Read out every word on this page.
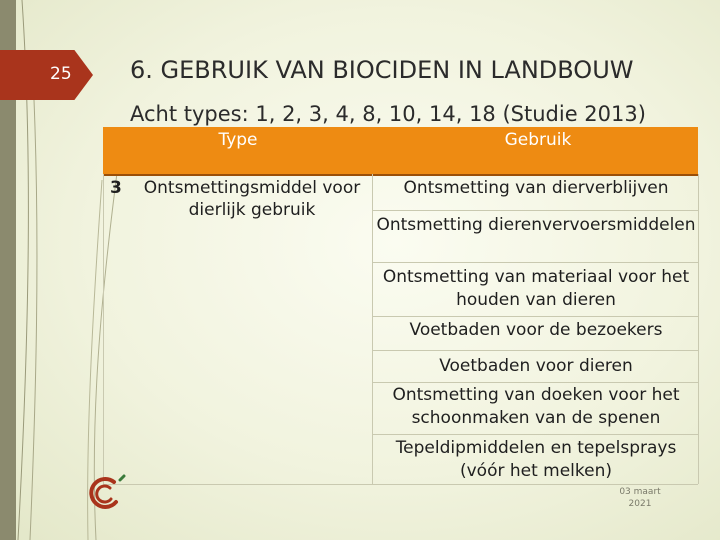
25 6. GEBRUIK VAN BIOCIDEN IN LANDBOUW
Acht types: 1, 2, 3, 4, 8, 10, 14, 18 (Studie 2013)
Type	Gebruik
3	Ontsmettingsmiddel voor dierlijk gebruik
Ontsmetting van dierverblijven
Ontsmetting dierenvervoersmiddelen
Ontsmetting van materiaal voor het houden van dieren
Voetbaden voor de bezoekers
Voetbaden voor dieren
Ontsmetting van doeken voor het schoonmaken van de spenen
Tepeldipmiddelen en tepelsprays (vóór het melken)
03 maart
2021
